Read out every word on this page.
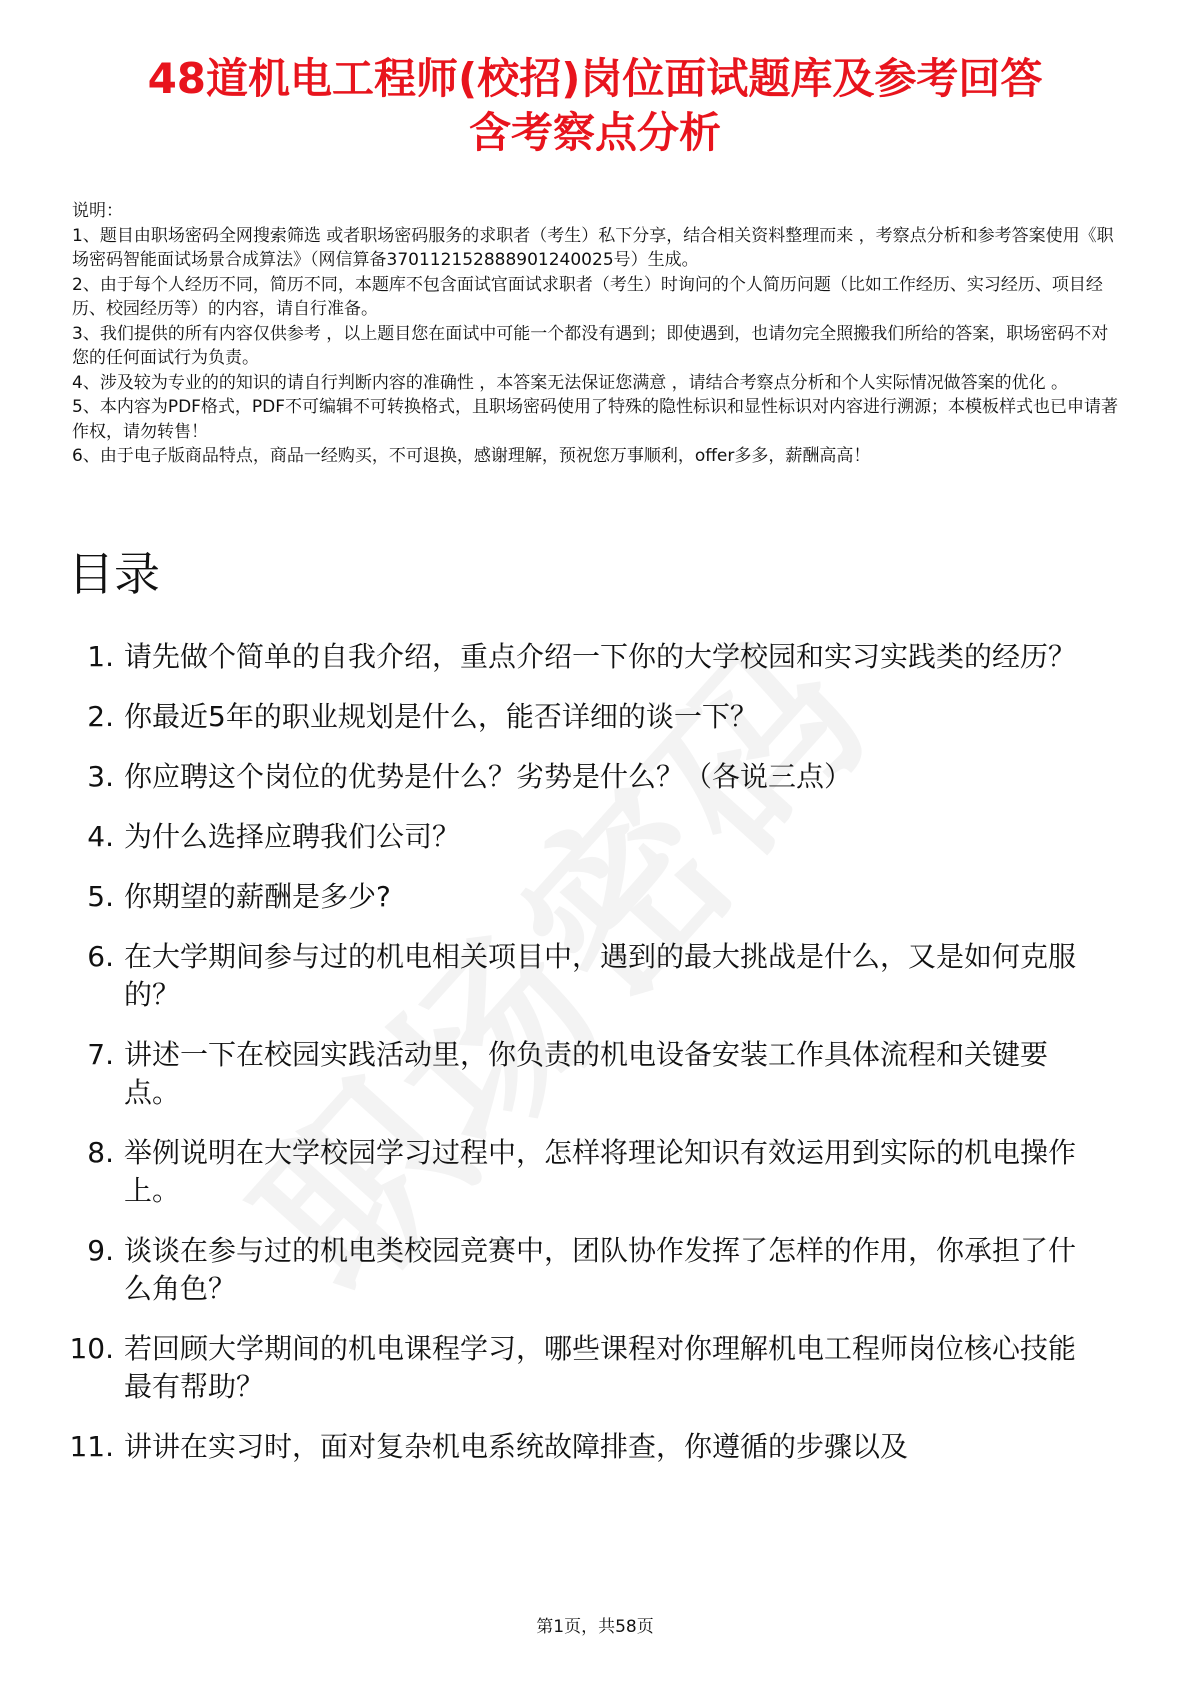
48道机电工程师(校招)岗位面试题库及参考回答
含考察点分析

说明：

1、题目由职场密码全网搜索筛选 或者职场密码服务的求职者（考生）私下分享，结合相关资料整理而来 ，考察点分析和参考答案使用《职场密码智能面试场景合成算法》（网信算备370112152888901240025号）生成。

2、由于每个人经历不同，简历不同，本题库不包含面试官面试求职者（考生）时询问的个人简历问题（比如工作经历、实习经历、项目经历、校园经历等）的内容，请自行准备。

3、我们提供的所有内容仅供参考 ，以上题目您在面试中可能一个都没有遇到；即使遇到，也请勿完全照搬我们所给的答案，职场密码不对您的任何面试行为负责。

4、涉及较为专业的的知识的请自行判断内容的准确性 ，本答案无法保证您满意 ，请结合考察点分析和个人实际情况做答案的优化 。

5、本内容为PDF格式，PDF不可编辑不可转换格式，且职场密码使用了特殊的隐性标识和显性标识对内容进行溯源；本模板样式也已申请著作权，请勿转售！

6、由于电子版商品特点，商品一经购买，不可退换，感谢理解，预祝您万事顺利，offer多多，薪酬高高！

目录
1. 请先做个简单的自我介绍，重点介绍一下你的大学校园和实习实践类的经历？
2. 你最近5年的职业规划是什么，能否详细的谈一下？
3. 你应聘这个岗位的优势是什么？劣势是什么？（各说三点）
4. 为什么选择应聘我们公司？
5. 你期望的薪酬是多少?
6. 在大学期间参与过的机电相关项目中，遇到的最大挑战是什么，又是如何克服的？
7. 讲述一下在校园实践活动里，你负责的机电设备安装工作具体流程和关键要点。
8. 举例说明在大学校园学习过程中，怎样将理论知识有效运用到实际的机电操作上。
9. 谈谈在参与过的机电类校园竞赛中，团队协作发挥了怎样的作用，你承担了什么角色？
10. 若回顾大学期间的机电课程学习，哪些课程对你理解机电工程师岗位核心技能最有帮助？
11. 讲讲在实习时，面对复杂机电系统故障排查，你遵循的步骤以及
第1页，共58页
